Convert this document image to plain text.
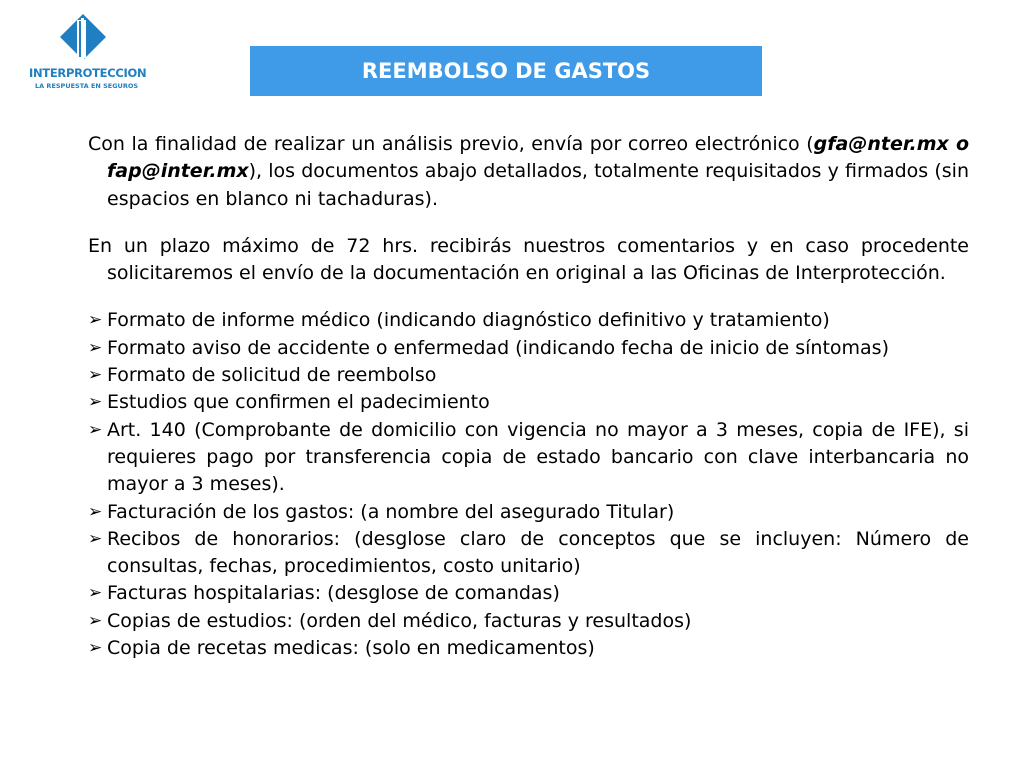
INTERPROTECCION
LA RESPUESTA EN SEGUROS
REEMBOLSO DE GASTOS

Con la finalidad de realizar un análisis previo, envía por correo electrónico (gfa@nter.mx o fap@inter.mx), los documentos abajo detallados, totalmente requisitados y firmados (sin espacios en blanco ni tachaduras).

En un plazo máximo de 72 hrs. recibirás nuestros comentarios y en caso procedente solicitaremos el envío de la documentación en original a las Oficinas de Interprotección.

➢ Formato de informe médico (indicando diagnóstico definitivo y tratamiento)
➢ Formato aviso de accidente o enfermedad (indicando fecha de inicio de síntomas)
➢ Formato de solicitud de reembolso
➢ Estudios que confirmen el padecimiento
➢ Art. 140 (Comprobante de domicilio con vigencia no mayor a 3 meses, copia de IFE), si requieres pago por transferencia copia de estado bancario con clave interbancaria no mayor a 3 meses).
➢ Facturación de los gastos: (a nombre del asegurado Titular)
➢ Recibos de honorarios: (desglose claro de conceptos que se incluyen: Número de consultas, fechas, procedimientos, costo unitario)
➢ Facturas hospitalarias: (desglose de comandas)
➢ Copias de estudios: (orden del médico, facturas y resultados)
➢ Copia de recetas medicas: (solo en medicamentos)
